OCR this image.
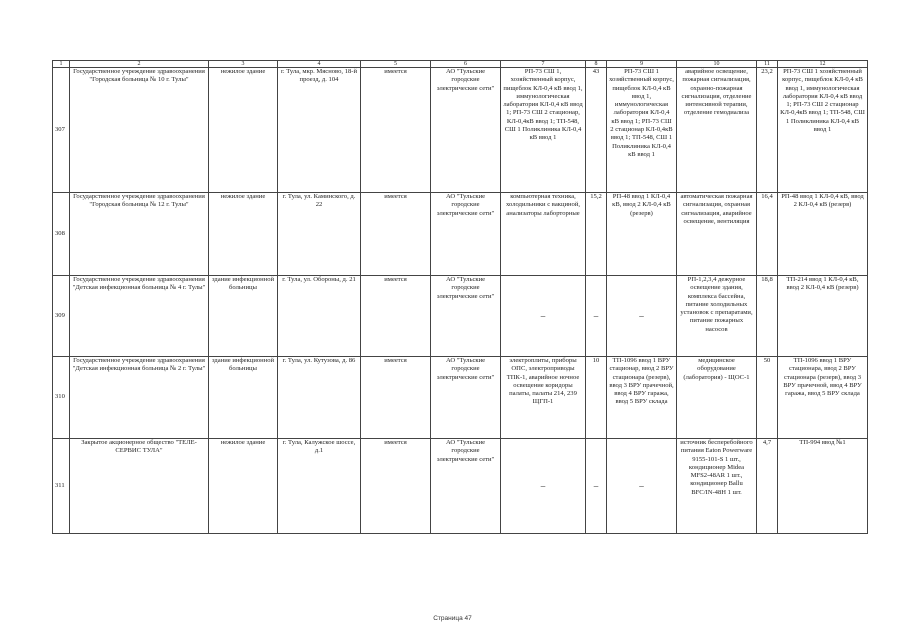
1	2	3	4	5	6	7	8	9	10	11	12
307	Государственное учреждение здравоохранения "Городская больница № 10 г. Тулы"	нежилое здание	г. Тула, мкр. Мясново, 18-й проезд, д. 104	имеется	АО "Тульские городские электрические сети"	РП-73 СШ 1, хозяйственный корпус, пищеблок КЛ-0,4 кВ ввод 1, иммунологическая лаборатория КЛ-0,4 кВ ввод 1; РП-73 СШ 2 стационар, КЛ-0,4кВ ввод 1; ТП-548, СШ 1 Поликлиника КЛ-0,4 кВ ввод 1	43	РП-73 СШ 1 хозяйственный корпус, пищеблок КЛ-0,4 кВ ввод 1, иммунологическая лаборатория КЛ-0,4 кВ ввод 1; РП-73 СШ 2 стационар КЛ-0,4кВ ввод 1; ТП-548, СШ 1 Поликлиника КЛ-0,4 кВ ввод 1	аварийное освещение, пожарная сигнализация, охранно-пожарная сигнализация, отделение интенсивной терапии, отделение гемодиализа	23,2	РП-73 СШ 1 хозяйственный корпус, пищеблок КЛ-0,4 кВ ввод 1, иммунологическая лаборатория КЛ-0,4 кВ ввод 1; РП-73 СШ 2 стационар КЛ-0,4кВ ввод 1; ТП-548, СШ 1 Поликлиника КЛ-0,4 кВ ввод 1
308	Государственное учреждение здравоохранения "Городская больница № 12 г. Тулы"	нежилое здание	г. Тула, ул. Каминского, д. 22	имеется	АО "Тульские городские электрические сети"	компьютерная техника, холодильники с вакциной, анализаторы лаборторные	15,2	РП-48 ввод 1 КЛ-0,4 кВ, ввод 2 КЛ-0,4 кВ (резерв)	автоматическая пожарная сигнализация, охранная сигнализация, аварийное освещение, вентиляция	16,4	РП-48 ввод 1 КЛ-0,4 кВ, ввод 2 КЛ-0,4 кВ (резерв)
309	Государственное учреждение здравоохранения "Детская инфекционная больница № 4 г. Тулы"	здание инфекционной больницы	г. Тула, ул. Обороны, д. 21	имеется	АО "Тульские городские электрические сети"	–	–	–	РП-1,2,3,4 дежурное освещение здания, комплекса бассейна, питание холодильных установок с препаратами, питание пожарных насосов	18,8	ТП-214 ввод 1 КЛ-0,4 кВ, ввод 2 КЛ-0,4 кВ (резерв)
310	Государственное учреждение здравоохранения "Детская инфекционная больница № 2 г. Тулы"	здание инфекционной больницы	г. Тула, ул. Кутузова, д. 86	имеется	АО "Тульские городские электрические сети"	электроплиты, приборы ОПС, электроприводы ТПК-1, аварийное ночное освещение коридоры палаты, палаты 214, 239 ЩГП-1	10	ТП-1096 ввод 1 ВРУ стационар, ввод 2 ВРУ стационара (резерв), ввод 3 ВРУ прачечной, ввод 4 ВРУ гаража, ввод 5 ВРУ склада	медицинское оборудование (лаборатория) - ЩОС-1	50	ТП-1096 ввод 1 ВРУ стационара, ввод 2 ВРУ стационара (резерв), ввод 3 ВРУ прачечной, ввод 4 ВРУ гаража, ввод 5 ВРУ склада
311	Закрытое акционерное общество "ТЕЛЕ-СЕРВИС ТУЛА"	нежилое здание	г. Тула, Калужское шоссе, д.1	имеется	АО "Тульские городские электрические сети"	–	–	–	источник бесперебойного питания Eaton Powerware 9155-101-S 1 шт., кондиционер Midea MFS2-48AR 1 шт., кондиционер Ballu BFC/IN-48H 1 шт.	4,7	ТП-994 ввод №1
Страница 47
